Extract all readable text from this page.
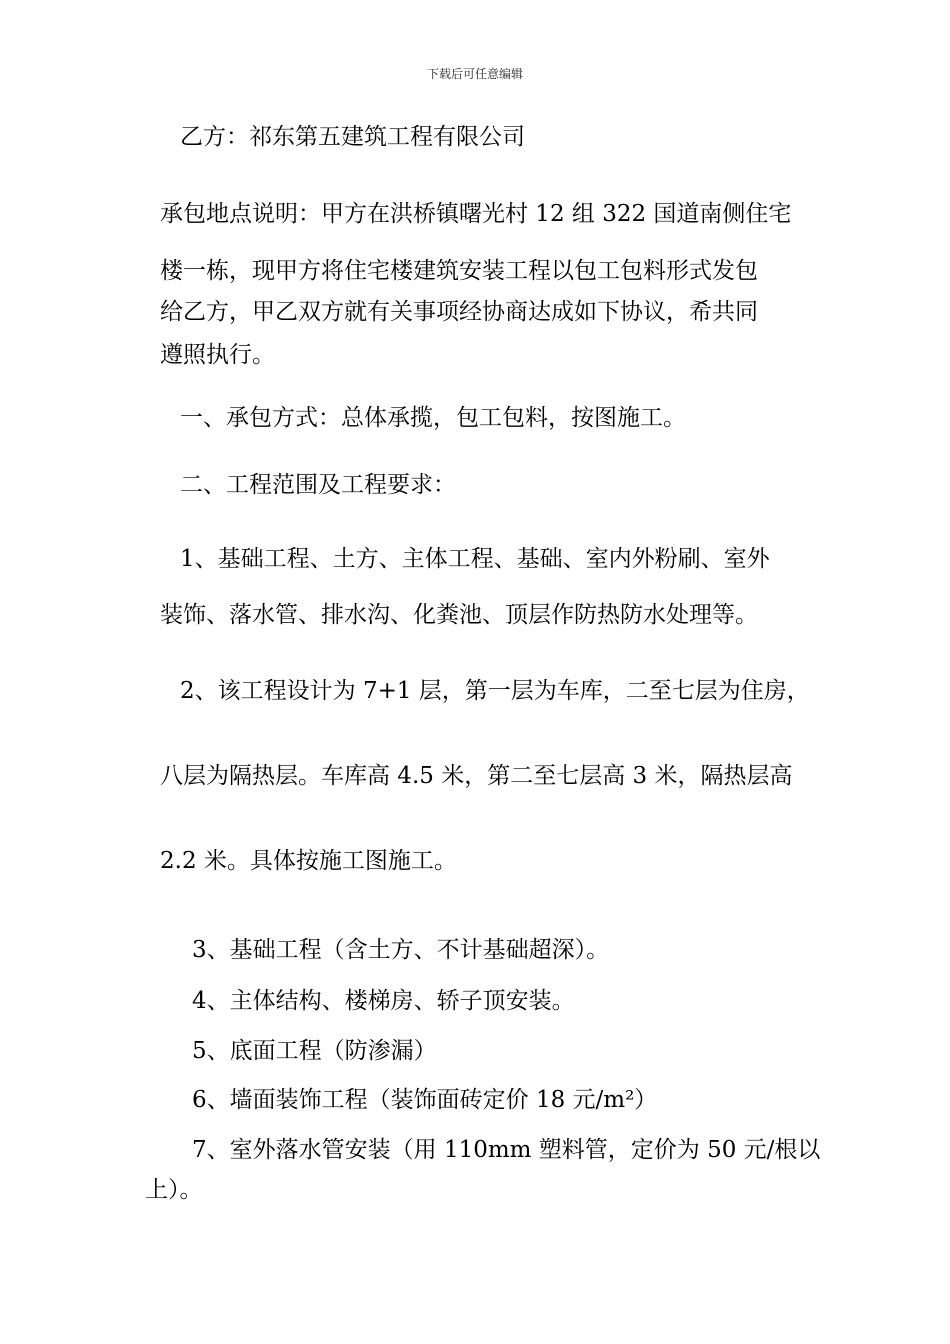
下载后可任意编辑
乙方：祁东第五建筑工程有限公司
承包地点说明：甲方在洪桥镇曙光村 12 组 322 国道南侧住宅
楼一栋，现甲方将住宅楼建筑安装工程以包工包料形式发包
给乙方，甲乙双方就有关事项经协商达成如下协议，希共同
遵照执行。
一、承包方式：总体承揽，包工包料，按图施工。
二、工程范围及工程要求：
1、基础工程、土方、主体工程、基础、室内外粉刷、室外
装饰、落水管、排水沟、化粪池、顶层作防热防水处理等。
2、该工程设计为 7+1 层，第一层为车库，二至七层为住房，
八层为隔热层。车库高 4.5 米，第二至七层高 3 米，隔热层高
2.2 米。具体按施工图施工。
3、基础工程（含土方、不计基础超深）。
4、主体结构、楼梯房、轿子顶安装。
5、底面工程（防渗漏）
6、墙面装饰工程（装饰面砖定价 18 元/m²）
7、室外落水管安装（用 110mm 塑料管，定价为 50 元/根以
上）。
